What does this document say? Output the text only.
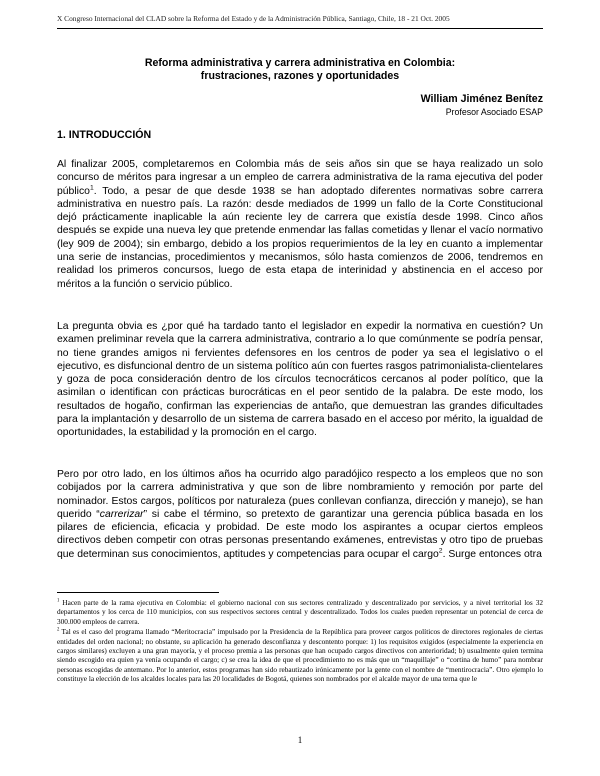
X Congreso Internacional del CLAD sobre la Reforma del Estado y de la Administración Pública, Santiago, Chile, 18 - 21 Oct. 2005
Reforma administrativa y carrera administrativa en Colombia:
frustraciones, razones y oportunidades
William Jiménez Benítez
Profesor Asociado ESAP
1. INTRODUCCIÓN

Al finalizar 2005, completaremos en Colombia más de seis años sin que se haya realizado un solo concurso de méritos para ingresar a un empleo de carrera administrativa de la rama ejecutiva del poder público$^1$. Todo, a pesar de que desde 1938 se han adoptado diferentes normativas sobre carrera administrativa en nuestro país. La razón: desde mediados de 1999 un fallo de la Corte Constitucional dejó prácticamente inaplicable la aún reciente ley de carrera que existía desde 1998. Cinco años después se expide una nueva ley que pretende enmendar las fallas cometidas y llenar el vacío normativo (ley 909 de 2004); sin embargo, debido a los propios requerimientos de la ley en cuanto a implementar una serie de instancias, procedimientos y mecanismos, sólo hasta comienzos de 2006, tendremos en realidad los primeros concursos, luego de esta etapa de interinidad y abstinencia en el acceso por méritos a la función o servicio público.

La pregunta obvia es ¿por qué ha tardado tanto el legislador en expedir la normativa en cuestión? Un examen preliminar revela que la carrera administrativa, contrario a lo que comúnmente se podría pensar, no tiene grandes amigos ni fervientes defensores en los centros de poder ya sea el legislativo o el ejecutivo, es disfuncional dentro de un sistema político aún con fuertes rasgos patrimonialista-clientelares y goza de poca consideración dentro de los círculos tecnocráticos cercanos al poder político, que la asimilan o identifican con prácticas burocráticas en el peor sentido de la palabra. De este modo, los resultados de hogaño, confirman las experiencias de antaño, que demuestran las grandes dificultades para la implantación y desarrollo de un sistema de carrera basado en el acceso por mérito, la igualdad de oportunidades, la estabilidad y la promoción en el cargo.

Pero por otro lado, en los últimos años ha ocurrido algo paradójico respecto a los empleos que no son cobijados por la carrera administrativa y que son de libre nombramiento y remoción por parte del nominador. Estos cargos, políticos por naturaleza (pues conllevan confianza, dirección y manejo), se han querido “carrerizar” si cabe el término, so pretexto de garantizar una gerencia pública basada en los pilares de eficiencia, eficacia y probidad. De este modo los aspirantes a ocupar ciertos empleos directivos deben competir con otras personas presentando exámenes, entrevistas y otro tipo de pruebas que determinan sus conocimientos, aptitudes y competencias para ocupar el cargo$^2$. Surge entonces otra

$^1$ Hacen parte de la rama ejecutiva en Colombia: el gobierno nacional con sus sectores centralizado y descentralizado por servicios, y a nivel territorial los 32 departamentos y los cerca de 110 municipios, con sus respectivos sectores central y descentralizado. Todos los cuales pueden representar un potencial de cerca de 300.000 empleos de carrera.

$^2$ Tal es el caso del programa llamado “Meritocracia” impulsado por la Presidencia de la República para proveer cargos políticos de directores regionales de ciertas entidades del orden nacional; no obstante, su aplicación ha generado desconfianza y descontento porque: 1) los requisitos exigidos (especialmente la experiencia en cargos similares) excluyen a una gran mayoría, y el proceso premia a las personas que han ocupado cargos directivos con anterioridad; b) usualmente quien termina siendo escogido era quien ya venía ocupando el cargo; c) se crea la idea de que el procedimiento no es más que un “maquillaje” o “cortina de humo” para nombrar personas escogidas de antemano. Por lo anterior, estos programas han sido rebautizado irónicamente por la gente con el nombre de “mentirocracia”. Otro ejemplo lo constituye la elección de los alcaldes locales para las 20 localidades de Bogotá, quienes son nombrados por el alcalde mayor de una terna que le

1
